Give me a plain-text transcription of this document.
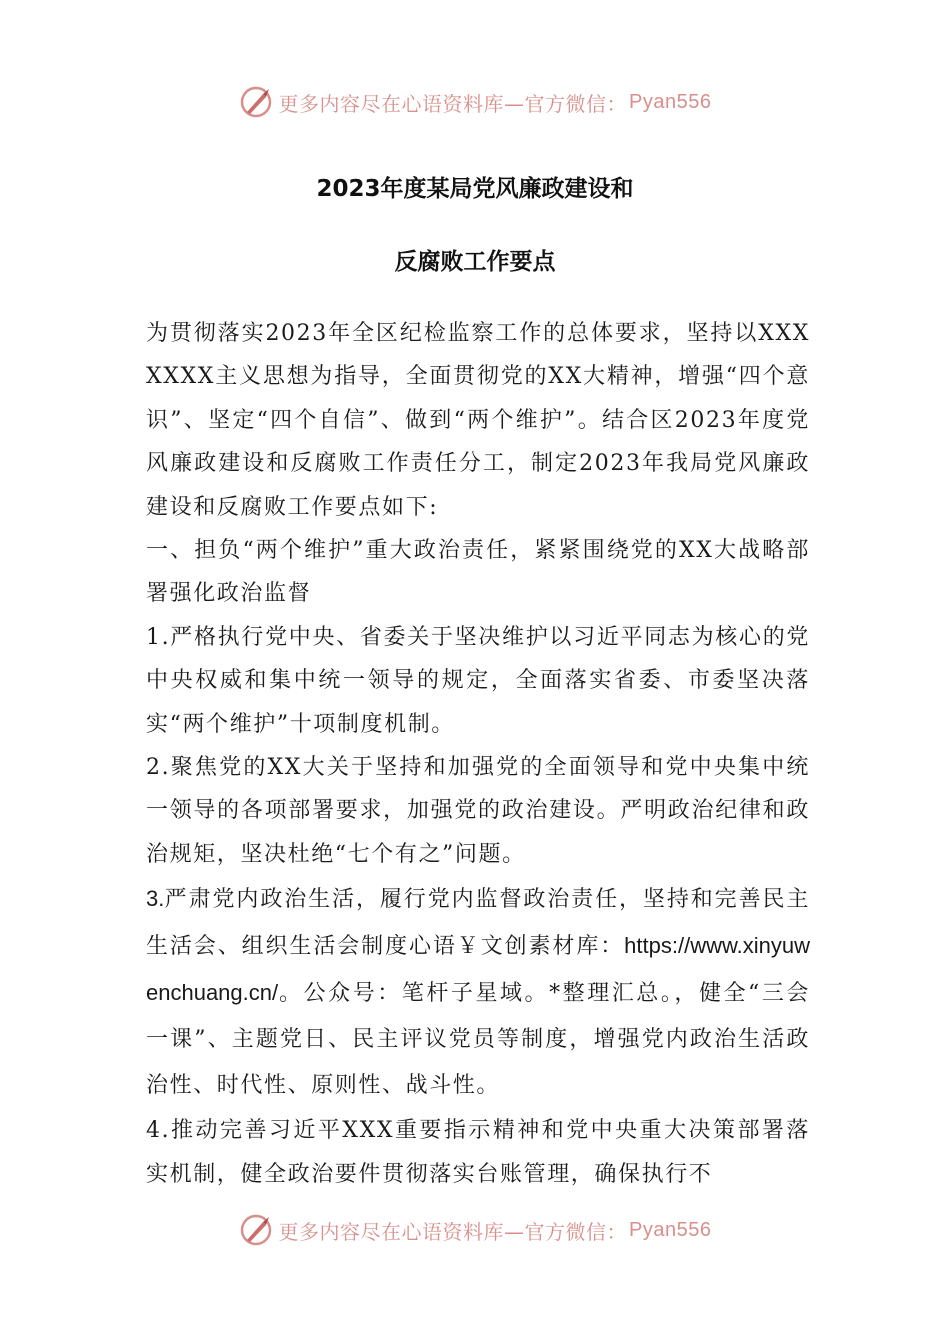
更多内容尽在心语资料库—官方微信： Pyan556
2023年度某局党风廉政建设和
反腐败工作要点

为贯彻落实2023年全区纪检监察工作的总体要求，坚持以XXXXXXX主义思想为指导，全面贯彻党的XX大精神，增强“四个意识”、坚定“四个自信”、做到“两个维护”。结合区2023年度党风廉政建设和反腐败工作责任分工，制定2023年我局党风廉政建设和反腐败工作要点如下:

一、担负“两个维护”重大政治责任，紧紧围绕党的XX大战略部署强化政治监督

1.严格执行党中央、省委关于坚决维护以习近平同志为核心的党中央权威和集中统一领导的规定，全面落实省委、市委坚决落实“两个维护”十项制度机制。

2.聚焦党的XX大关于坚持和加强党的全面领导和党中央集中统一领导的各项部署要求，加强党的政治建设。严明政治纪律和政治规矩，坚决杜绝“七个有之”问题。

3.严肃党内政治生活，履行党内监督政治责任，坚持和完善民主生活会、组织生活会制度心语￥文创素材库：https://www.xinyuwenchuang.cn/。公众号：笔杆子星域。*整理汇总。，健全“三会一课”、主题党日、民主评议党员等制度，增强党内政治生活政治性、时代性、原则性、战斗性。

4.推动完善习近平XXX重要指示精神和党中央重大决策部署落实机制，健全政治要件贯彻落实台账管理，确保执行不

更多内容尽在心语资料库—官方微信： Pyan556
